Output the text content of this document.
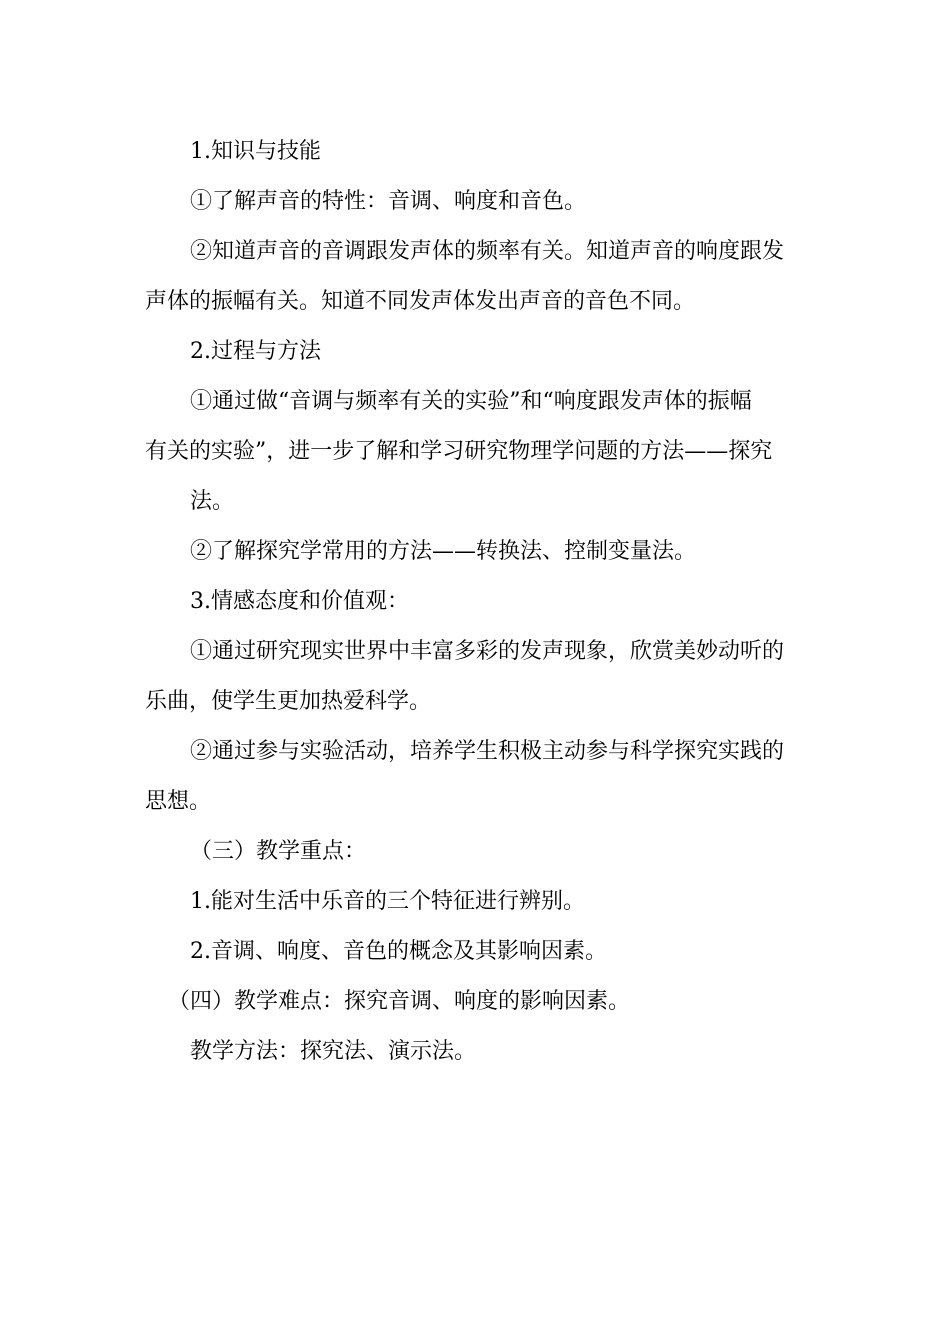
1.知识与技能
①了解声音的特性：音调、响度和音色。
②知道声音的音调跟发声体的频率有关。知道声音的响度跟发
声体的振幅有关。知道不同发声体发出声音的音色不同。
2.过程与方法
①通过做“音调与频率有关的实验”和“响度跟发声体的振幅
有关的实验”，进一步了解和学习研究物理学问题的方法——探究
法。
②了解探究学常用的方法——转换法、控制变量法。
3.情感态度和价值观：
①通过研究现实世界中丰富多彩的发声现象，欣赏美妙动听的
乐曲，使学生更加热爱科学。
②通过参与实验活动，培养学生积极主动参与科学探究实践的
思想。
（三）教学重点：
1.能对生活中乐音的三个特征进行辨别。
2.音调、响度、音色的概念及其影响因素。
（四）教学难点：探究音调、响度的影响因素。
教学方法：探究法、演示法。
